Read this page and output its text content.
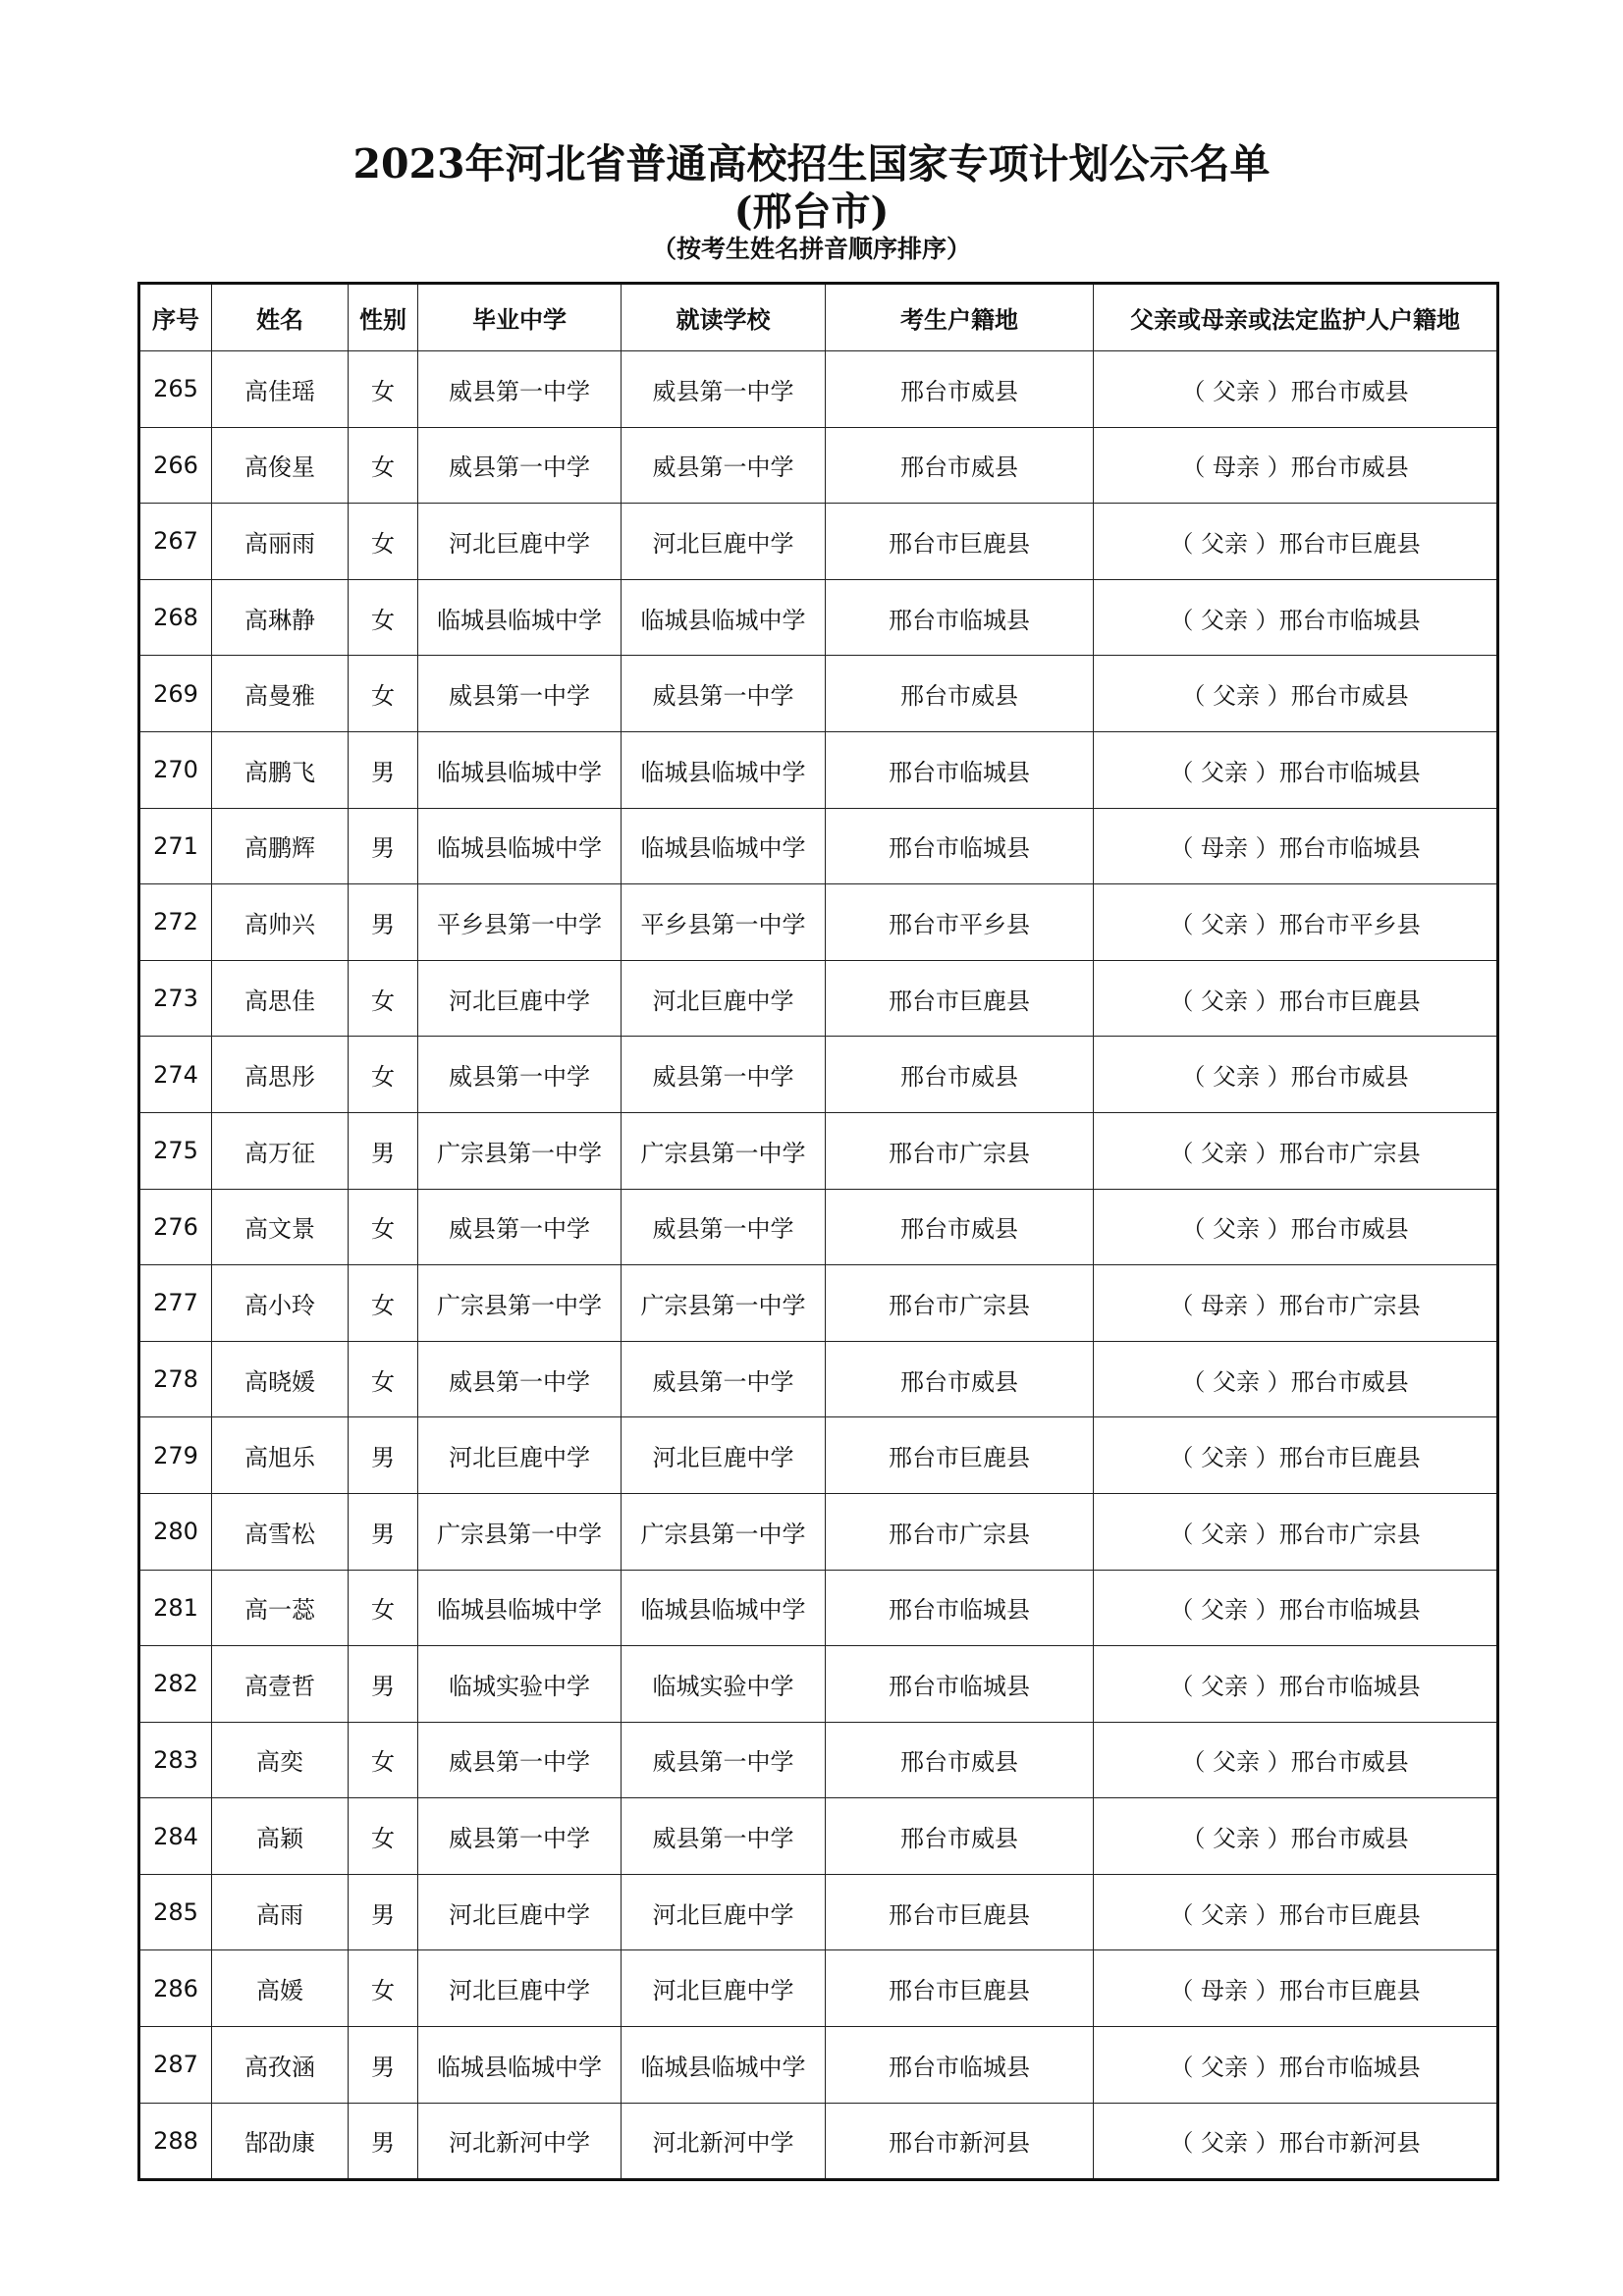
2023年河北省普通高校招生国家专项计划公示名单
(邢台市)
（按考生姓名拼音顺序排序）
序号	姓名	性别	毕业中学	就读学校	考生户籍地	父亲或母亲或法定监护人户籍地
265	高佳瑶	女	威县第一中学	威县第一中学	邢台市威县	（ 父亲 ）邢台市威县
266	高俊星	女	威县第一中学	威县第一中学	邢台市威县	（ 母亲 ）邢台市威县
267	高丽雨	女	河北巨鹿中学	河北巨鹿中学	邢台市巨鹿县	（ 父亲 ）邢台市巨鹿县
268	高琳静	女	临城县临城中学	临城县临城中学	邢台市临城县	（ 父亲 ）邢台市临城县
269	高曼雅	女	威县第一中学	威县第一中学	邢台市威县	（ 父亲 ）邢台市威县
270	高鹏飞	男	临城县临城中学	临城县临城中学	邢台市临城县	（ 父亲 ）邢台市临城县
271	高鹏辉	男	临城县临城中学	临城县临城中学	邢台市临城县	（ 母亲 ）邢台市临城县
272	高帅兴	男	平乡县第一中学	平乡县第一中学	邢台市平乡县	（ 父亲 ）邢台市平乡县
273	高思佳	女	河北巨鹿中学	河北巨鹿中学	邢台市巨鹿县	（ 父亲 ）邢台市巨鹿县
274	高思彤	女	威县第一中学	威县第一中学	邢台市威县	（ 父亲 ）邢台市威县
275	高万征	男	广宗县第一中学	广宗县第一中学	邢台市广宗县	（ 父亲 ）邢台市广宗县
276	高文景	女	威县第一中学	威县第一中学	邢台市威县	（ 父亲 ）邢台市威县
277	高小玲	女	广宗县第一中学	广宗县第一中学	邢台市广宗县	（ 母亲 ）邢台市广宗县
278	高晓媛	女	威县第一中学	威县第一中学	邢台市威县	（ 父亲 ）邢台市威县
279	高旭乐	男	河北巨鹿中学	河北巨鹿中学	邢台市巨鹿县	（ 父亲 ）邢台市巨鹿县
280	高雪松	男	广宗县第一中学	广宗县第一中学	邢台市广宗县	（ 父亲 ）邢台市广宗县
281	高一蕊	女	临城县临城中学	临城县临城中学	邢台市临城县	（ 父亲 ）邢台市临城县
282	高壹哲	男	临城实验中学	临城实验中学	邢台市临城县	（ 父亲 ）邢台市临城县
283	高奕	女	威县第一中学	威县第一中学	邢台市威县	（ 父亲 ）邢台市威县
284	高颖	女	威县第一中学	威县第一中学	邢台市威县	（ 父亲 ）邢台市威县
285	高雨	男	河北巨鹿中学	河北巨鹿中学	邢台市巨鹿县	（ 父亲 ）邢台市巨鹿县
286	高媛	女	河北巨鹿中学	河北巨鹿中学	邢台市巨鹿县	（ 母亲 ）邢台市巨鹿县
287	高孜涵	男	临城县临城中学	临城县临城中学	邢台市临城县	（ 父亲 ）邢台市临城县
288	郜劭康	男	河北新河中学	河北新河中学	邢台市新河县	（ 父亲 ）邢台市新河县
